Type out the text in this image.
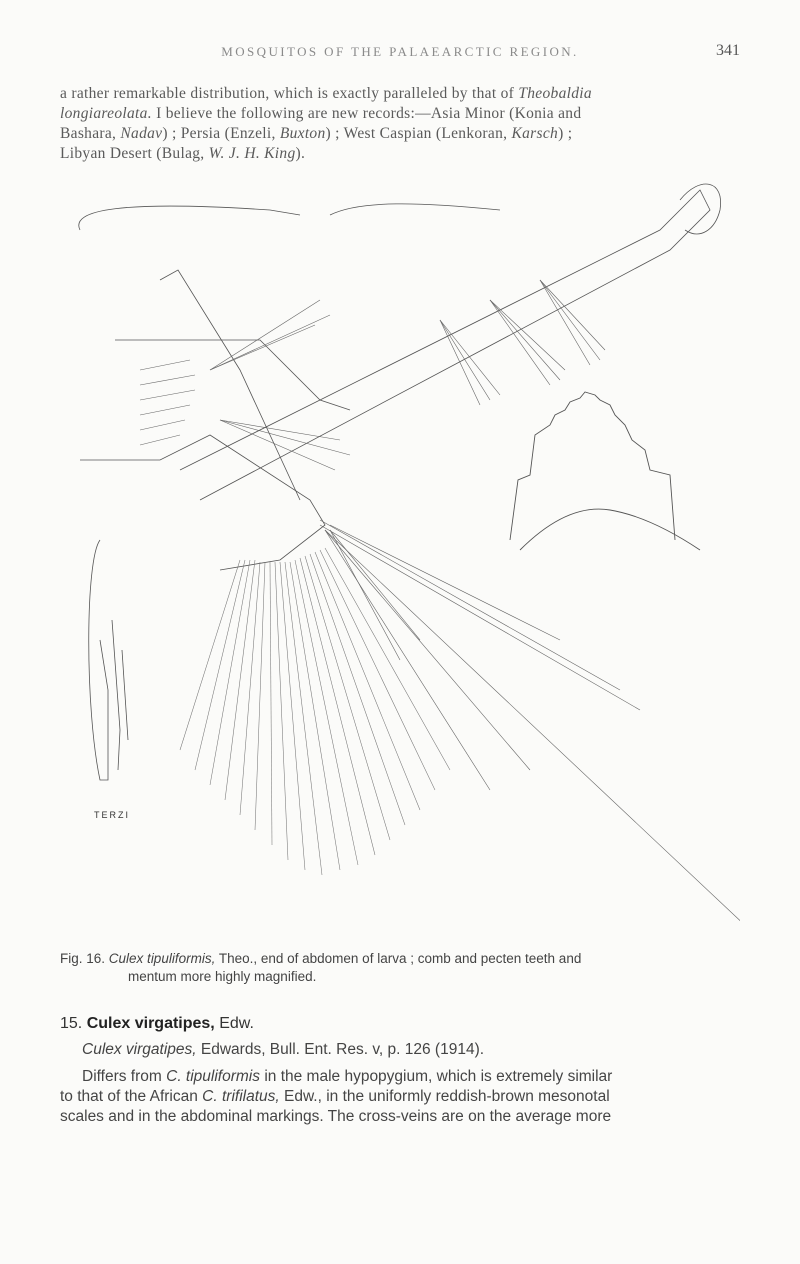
MOSQUITOS OF THE PALAEARCTIC REGION.	341

a rather remarkable distribution, which is exactly paralleled by that of Theobaldia

longiareolata. I believe the following are new records:—Asia Minor (Konia and

Bashara, Nadav) ; Persia (Enzeli, Buxton) ; West Caspian (Lenkoran, Karsch) ;

Libyan Desert (Bulag, W. J. H. King).

TERZI

Fig. 16. Culex tipuliformis, Theo., end of abdomen of larva ; comb and pecten teeth and

mentum more highly magnified.

15. Culex virgatipes, Edw.
Culex virgatipes, Edwards, Bull. Ent. Res. v, p. 126 (1914).

Differs from C. tipuliformis in the male hypopygium, which is extremely similar

to that of the African C. trifilatus, Edw., in the uniformly reddish-brown mesonotal

scales and in the abdominal markings. The cross-veins are on the average more
